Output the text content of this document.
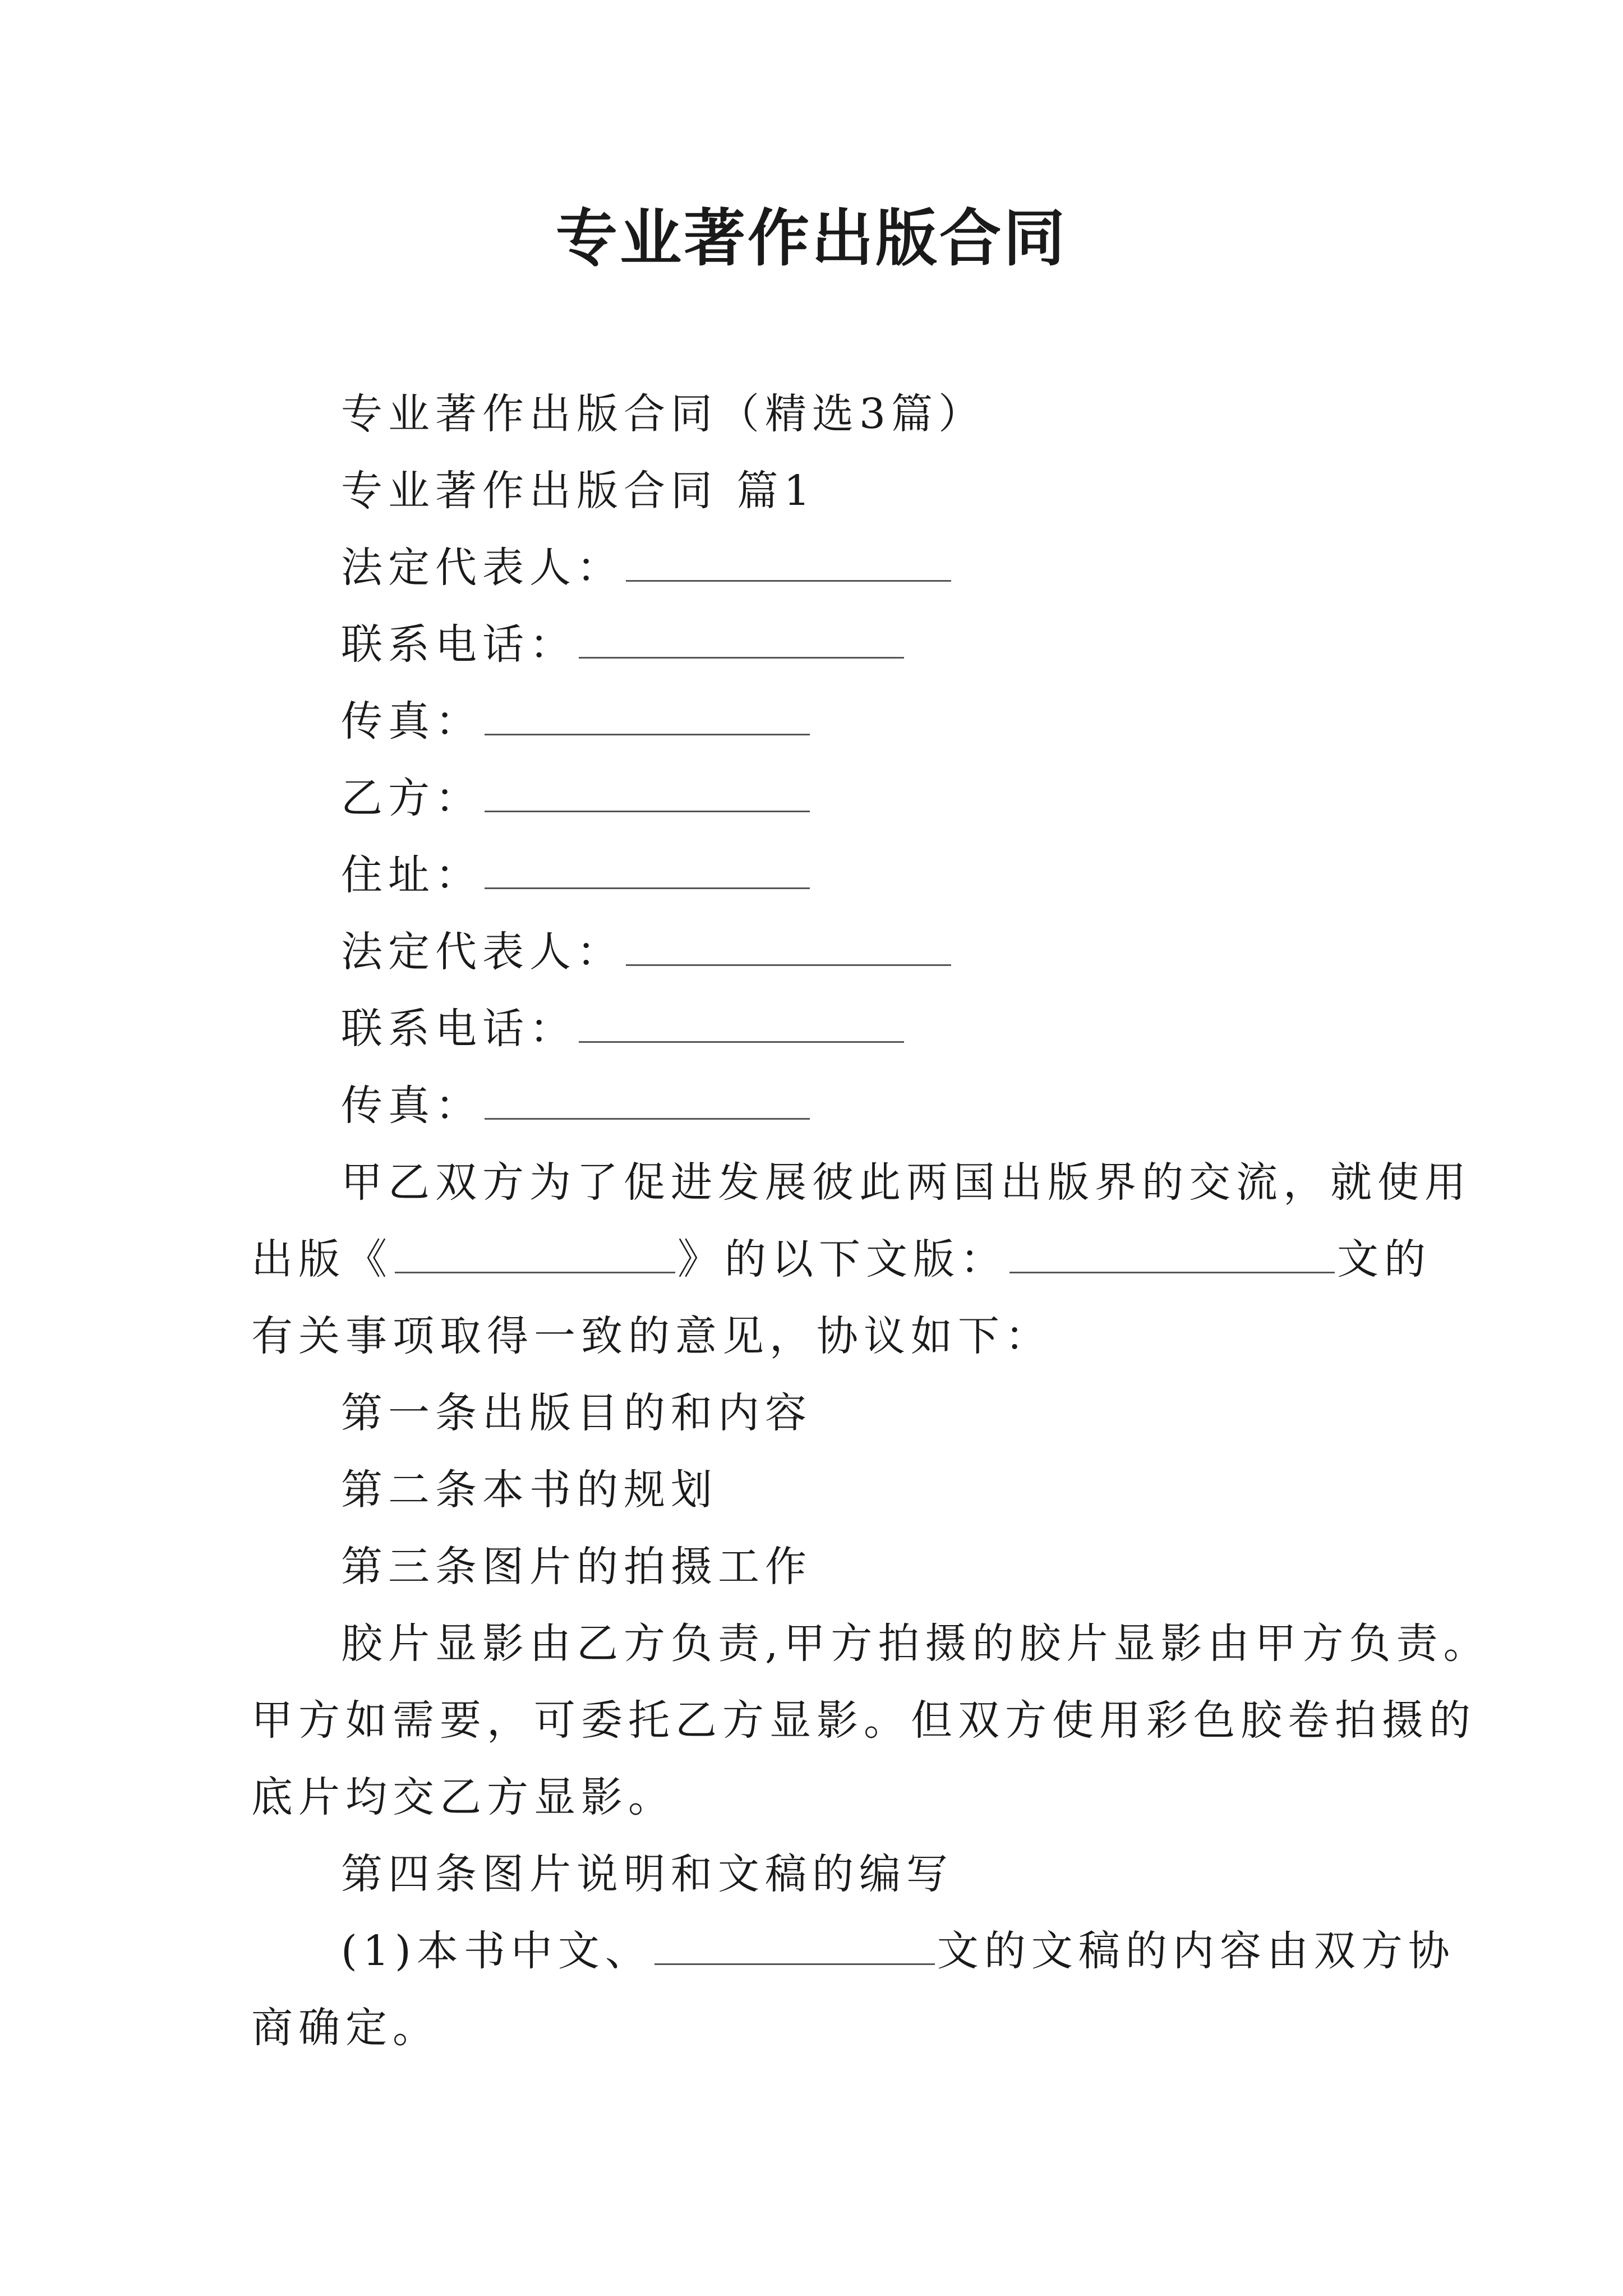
专业著作出版合同
专业著作出版合同（精选3篇）
专业著作出版合同 篇1
法定代表人：
联系电话：
传真：
乙方：
住址：
法定代表人：
联系电话：
传真：
甲乙双方为了促进发展彼此两国出版界的交流，就使用
出版《	》的以下文版：	文的
有关事项取得一致的意见，协议如下：
第一条出版目的和内容
第二条本书的规划
第三条图片的拍摄工作
胶片显影由乙方负责,甲方拍摄的胶片显影由甲方负责。
甲方如需要，可委托乙方显影。但双方使用彩色胶卷拍摄的
底片均交乙方显影。
第四条图片说明和文稿的编写
(1)本书中文、	文的文稿的内容由双方协
商确定。
